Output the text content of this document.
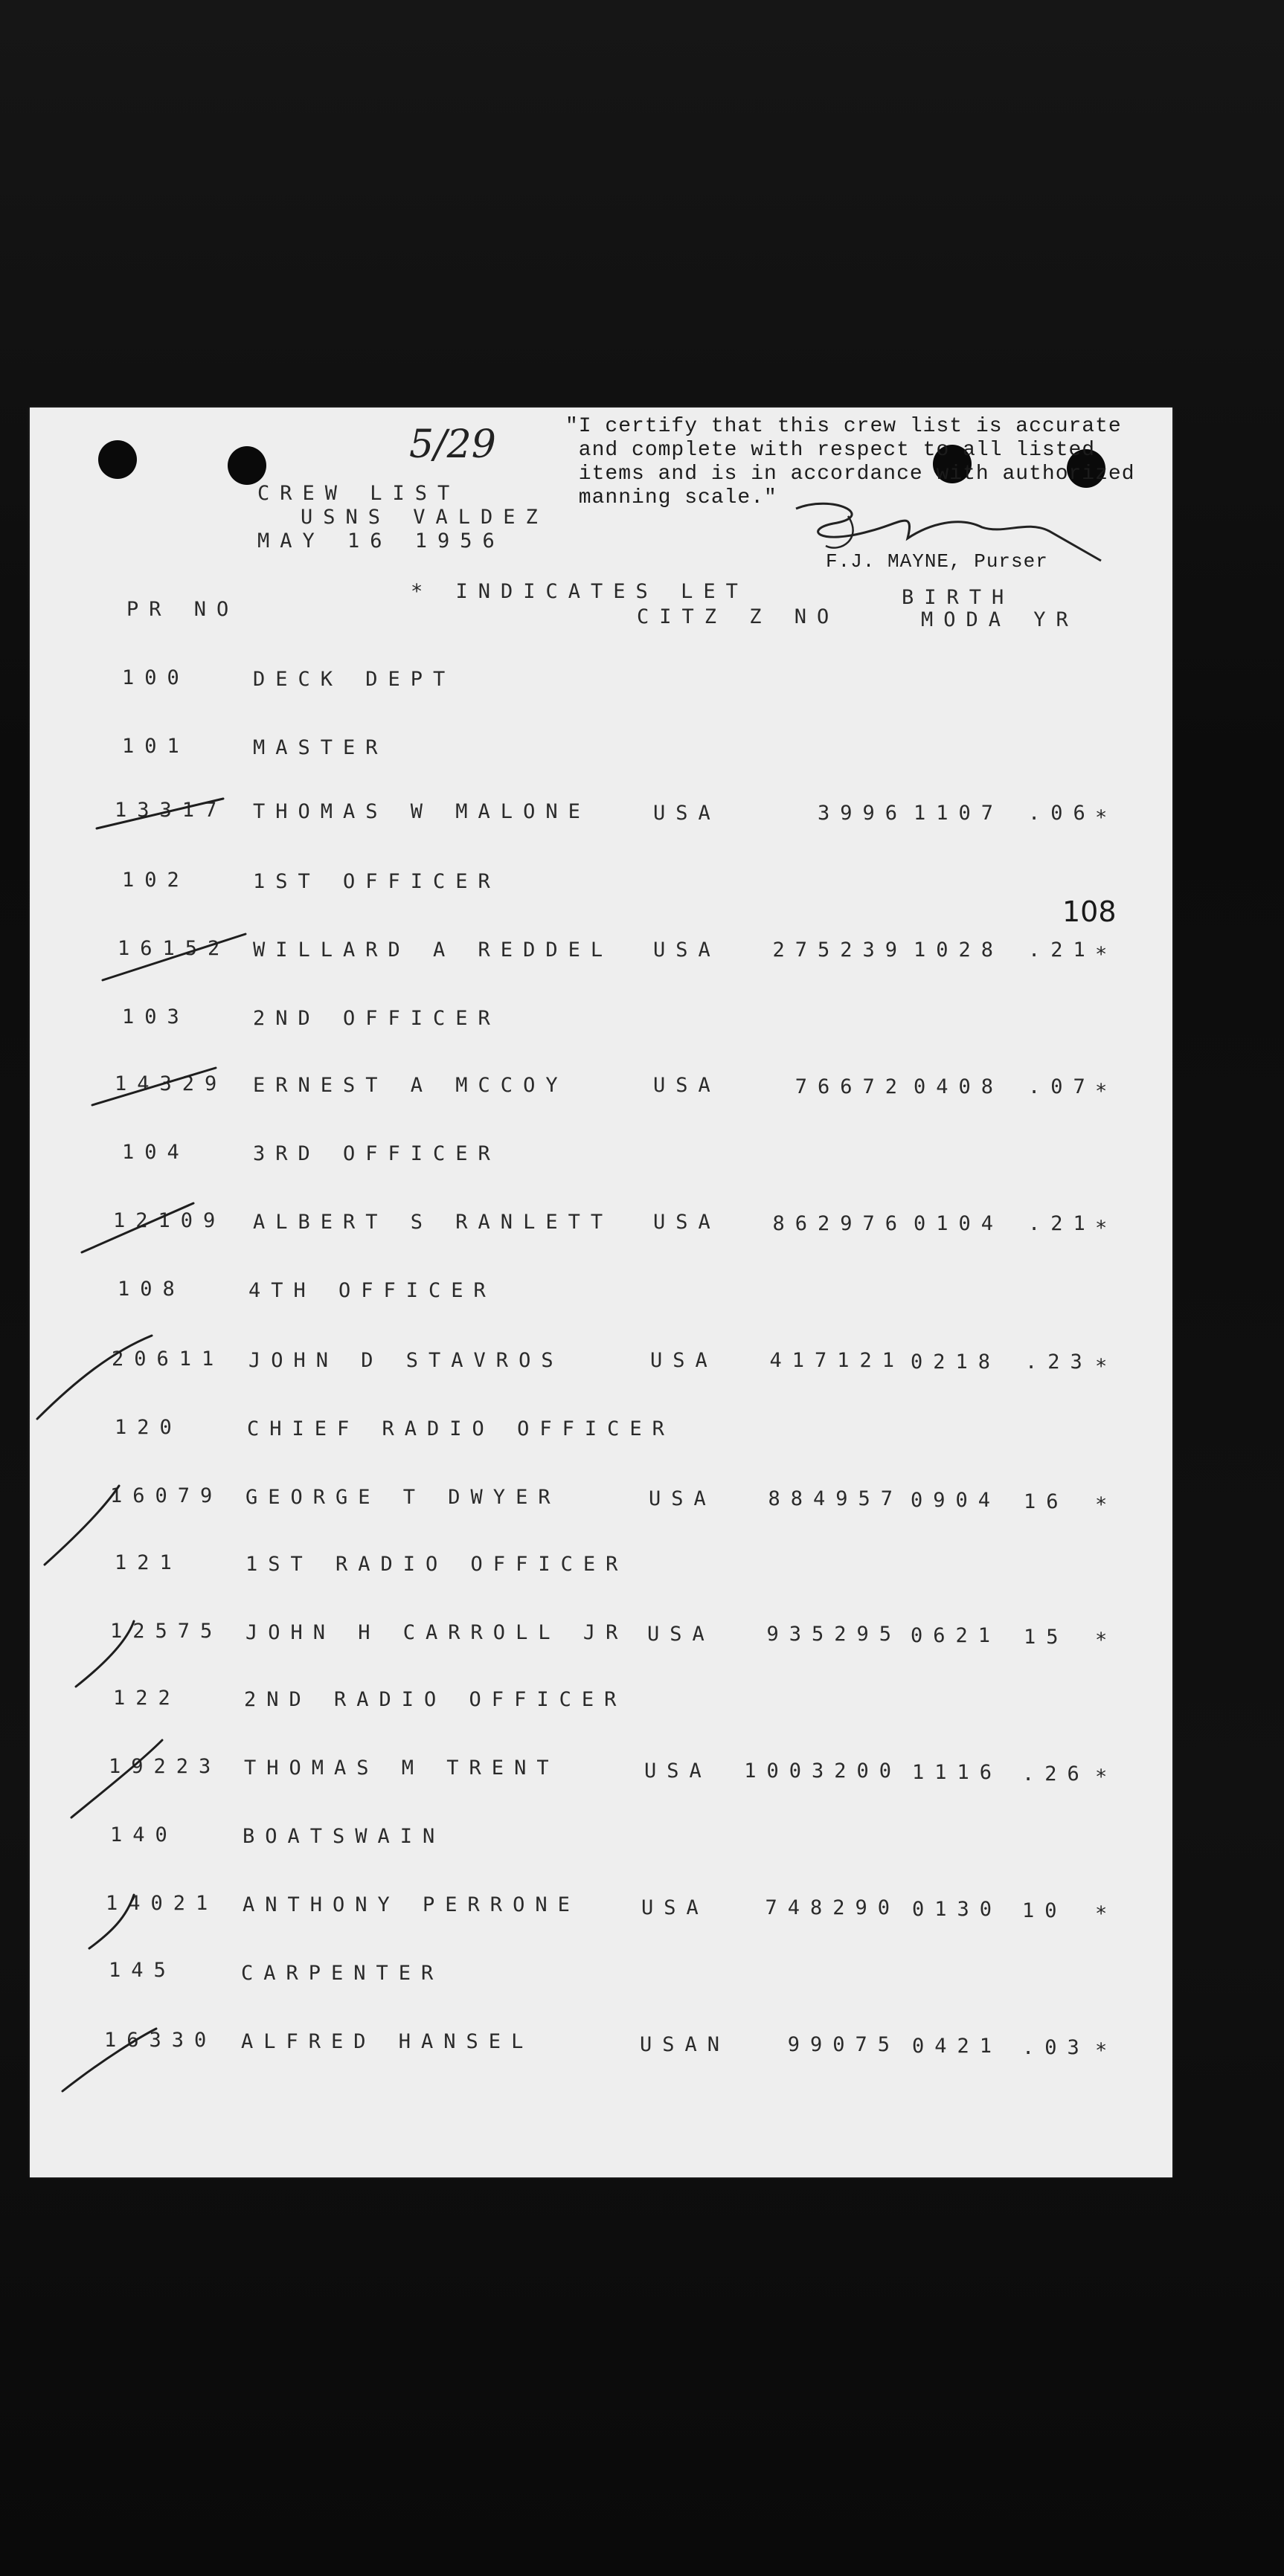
5/29	"I certify that this crew list is accurate
and complete with respect to all listed
items and is in accordance with authorized
manning scale."
F.J. MAYNE, Purser
CREW LIST
USNS VALDEZ
MAY 16 1956
PR NO
* INDICATES LET
CITZ Z NO
BIRTH
MODA YR
108
100	DECK DEPT
101	MASTER
13317 THOMAS W MALONE	USA	3996 1107 .06 *
102	1ST OFFICER
16152 WILLARD A REDDEL USA	275239 1028 .21 *
103	2ND OFFICER
14329 ERNEST A MCCOY	USA	76672 0408 .07 *
104	3RD OFFICER
12109 ALBERT S RANLETT USA	862976 0104 .21 *
108	4TH OFFICER
20611 JOHN D STAVROS	USA	417121 0218 .23 *
120	CHIEF RADIO OFFICER
16079 GEORGE T DWYER	USA	884957 0904 16 *
121	1ST RADIO OFFICER
12575 JOHN H CARROLL JR USA	935295 0621 15 *
122	2ND RADIO OFFICER
19223 THOMAS M TRENT	USA	1003200 1116 .26 *
140	BOATSWAIN
14021 ANTHONY PERRONE	USA	748290 0130 10 *
145	CARPENTER
16330 ALFRED HANSEL	USAN	99075 0421 .03 *
